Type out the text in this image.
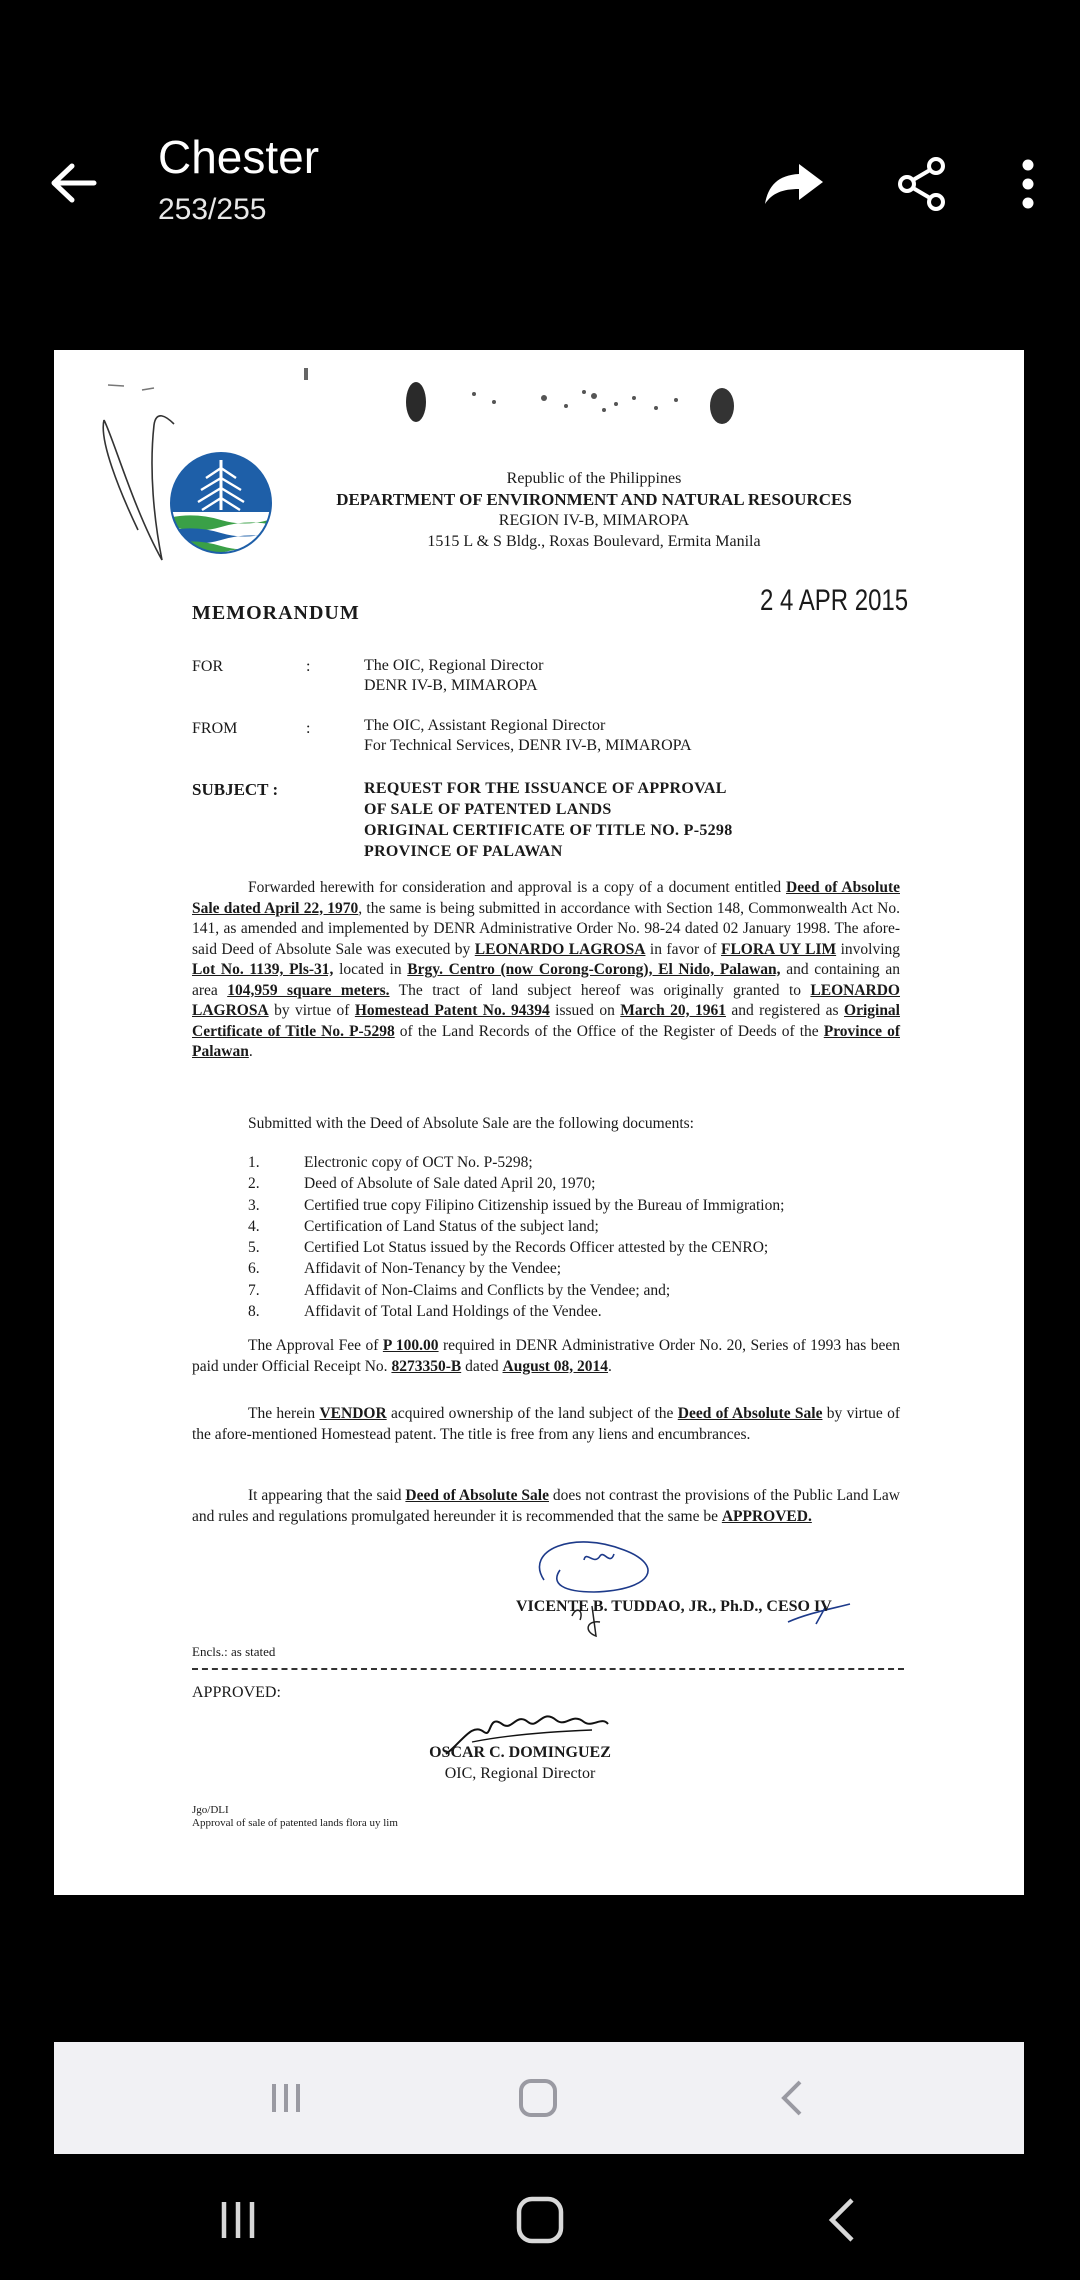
Chester
253/255
Republic of the Philippines
DEPARTMENT OF ENVIRONMENT AND NATURAL RESOURCES
REGION IV-B, MIMAROPA
1515 L & S Bldg., Roxas Boulevard, Ermita Manila
MEMORANDUM	2 4 APR 2015
FOR	:	The OIC, Regional Director
DENR IV-B, MIMAROPA
FROM	:	The OIC, Assistant Regional Director
For Technical Services, DENR IV-B, MIMAROPA
SUBJECT :	REQUEST FOR THE ISSUANCE OF APPROVAL
OF SALE OF PATENTED LANDS
ORIGINAL CERTIFICATE OF TITLE NO. P-5298
PROVINCE OF PALAWAN
Forwarded herewith for consideration and approval is a copy of a document entitled Deed of Absolute Sale dated April 22, 1970, the same is being submitted in accordance with Section 148, Commonwealth Act No. 141, as amended and implemented by DENR Administrative Order No. 98-24 dated 02 January 1998. The afore-said Deed of Absolute Sale was executed by LEONARDO LAGROSA in favor of FLORA UY LIM involving Lot No. 1139, Pls-31, located in Brgy. Centro (now Corong-Corong), El Nido, Palawan, and containing an area 104,959 square meters. The tract of land subject hereof was originally granted to LEONARDO LAGROSA by virtue of Homestead Patent No. 94394 issued on March 20, 1961 and registered as Original Certificate of Title No. P-5298 of the Land Records of the Office of the Register of Deeds of the Province of Palawan.
Submitted with the Deed of Absolute Sale are the following documents:
1.	Electronic copy of OCT No. P-5298;
2.	Deed of Absolute of Sale dated April 20, 1970;
3.	Certified true copy Filipino Citizenship issued by the Bureau of Immigration;
4.	Certification of Land Status of the subject land;
5.	Certified Lot Status issued by the Records Officer attested by the CENRO;
6.	Affidavit of Non-Tenancy by the Vendee;
7.	Affidavit of Non-Claims and Conflicts by the Vendee; and;
8.	Affidavit of Total Land Holdings of the Vendee.
The Approval Fee of P 100.00 required in DENR Administrative Order No. 20, Series of 1993 has been paid under Official Receipt No. 8273350-B dated August 08, 2014.
The herein VENDOR acquired ownership of the land subject of the Deed of Absolute Sale by virtue of the afore-mentioned Homestead patent. The title is free from any liens and encumbrances.
It appearing that the said Deed of Absolute Sale does not contrast the provisions of the Public Land Law and rules and regulations promulgated hereunder it is recommended that the same be APPROVED.
VICENTE B. TUDDAO, JR., Ph.D., CESO IV
Encls.: as stated
APPROVED:
OSCAR C. DOMINGUEZ
OIC, Regional Director
Jgo/DLI
Approval of sale of patented lands flora uy lim
